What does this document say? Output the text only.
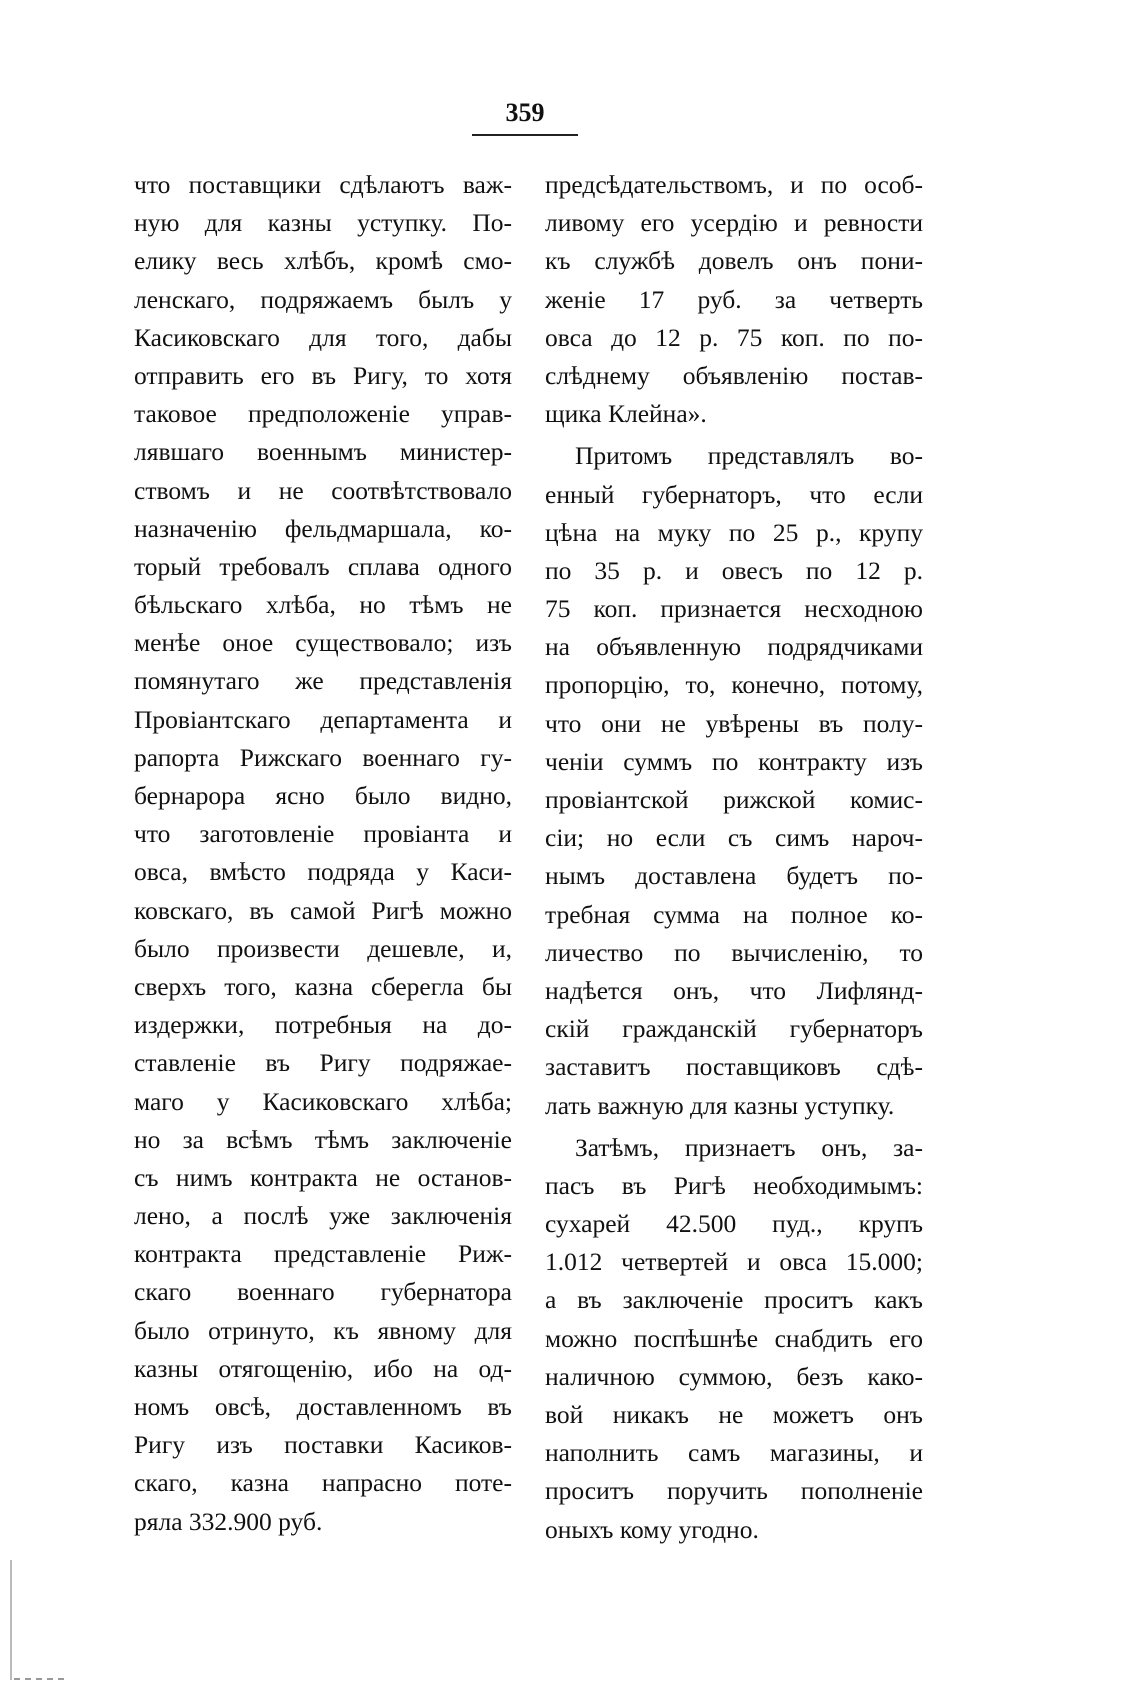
359
что поставщики сдѣлаютъ важ-
ную для казны уступку. По-
елику весь хлѣбъ, кромѣ смо-
ленскаго, подряжаемъ былъ у
Касиковскаго для того, дабы
отправить его въ Ригу, то хотя
таковое предположеніе управ-
лявшаго военнымъ министер-
ствомъ и не соотвѣтствовало
назначенію фельдмаршала, ко-
торый требовалъ сплава одного
бѣльскаго хлѣба, но тѣмъ не
менѣе оное существовало; изъ
помянутаго же представленія
Провіантскаго департамента и
рапорта Рижскаго военнаго гу-
бернарора ясно было видно,
что заготовленіе провіанта и
овса, вмѣсто подряда у Каси-
ковскаго, въ самой Ригѣ можно
было произвести дешевле, и,
сверхъ того, казна сберегла бы
издержки, потребныя на до-
ставленіе въ Ригу подряжае-
маго у Касиковскаго хлѣба;
но за всѣмъ тѣмъ заключеніе
съ нимъ контракта не останов-
лено, а послѣ уже заключенія
контракта представленіе Риж-
скаго военнаго губернатора
было отринуто, къ явному для
казны отягощенію, ибо на од-
номъ овсѣ, доставленномъ въ
Ригу изъ поставки Касиков-
скаго, казна напрасно поте-
ряла 332.900 руб.
предсѣдательствомъ, и по особ-
ливому его усердію и ревности
къ службѣ довелъ онъ пони-
женіе 17 руб. за четверть
овса до 12 р. 75 коп. по по-
слѣднему объявленію постав-
щика Клейна».
Притомъ представлялъ во-
енный губернаторъ, что если
цѣна на муку по 25 р., крупу
по 35 р. и овесъ по 12 р.
75 коп. признается несходною
на объявленную подрядчиками
пропорцію, то, конечно, потому,
что они не увѣрены въ полу-
ченіи суммъ по контракту изъ
провіантской рижской комис-
сіи; но если съ симъ нароч-
нымъ доставлена будетъ по-
требная сумма на полное ко-
личество по вычисленію, то
надѣется онъ, что Лифлянд-
скій гражданскій губернаторъ
заставитъ поставщиковъ сдѣ-
лать важную для казны уступку.
Затѣмъ, признаетъ онъ, за-
пасъ въ Ригѣ необходимымъ:
сухарей 42.500 пуд., крупъ
1.012 четвертей и овса 15.000;
а въ заключеніе проситъ какъ
можно поспѣшнѣе снабдить его
наличною суммою, безъ како-
вой никакъ не можетъ онъ
наполнить самъ магазины, и
проситъ поручить пополненіе
оныхъ кому угодно.
